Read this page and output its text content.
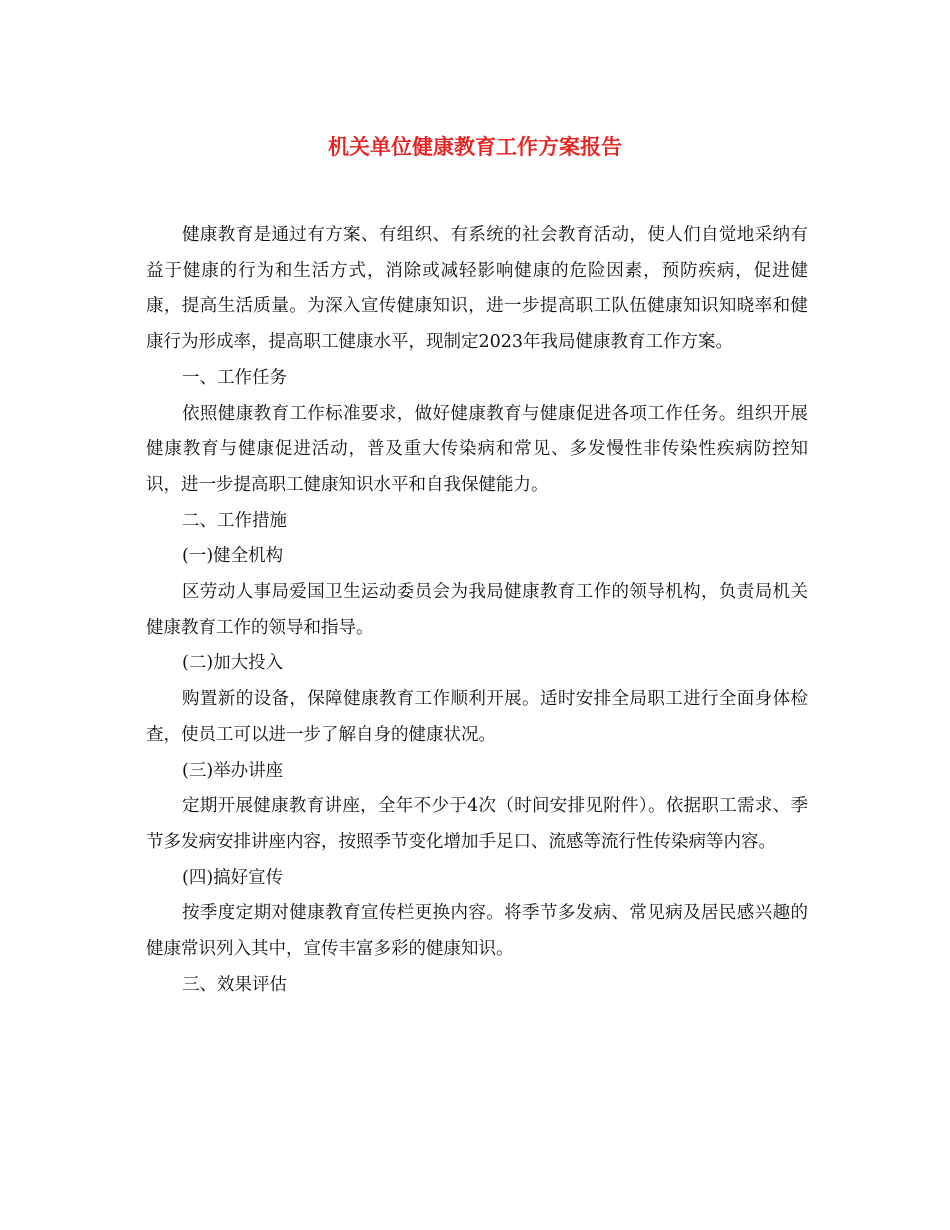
机关单位健康教育工作方案报告

健康教育是通过有方案、有组织、有系统的社会教育活动，使人们自觉地采纳有益于健康的行为和生活方式，消除或减轻影响健康的危险因素，预防疾病，促进健康，提高生活质量。为深入宣传健康知识，进一步提高职工队伍健康知识知晓率和健康行为形成率，提高职工健康水平，现制定2023年我局健康教育工作方案。

一、工作任务

依照健康教育工作标准要求，做好健康教育与健康促进各项工作任务。组织开展健康教育与健康促进活动，普及重大传染病和常见、多发慢性非传染性疾病防控知识，进一步提高职工健康知识水平和自我保健能力。

二、工作措施

(一)健全机构

区劳动人事局爱国卫生运动委员会为我局健康教育工作的领导机构，负责局机关健康教育工作的领导和指导。

(二)加大投入

购置新的设备，保障健康教育工作顺利开展。适时安排全局职工进行全面身体检查，使员工可以进一步了解自身的健康状况。

(三)举办讲座

定期开展健康教育讲座，全年不少于4次（时间安排见附件）。依据职工需求、季节多发病安排讲座内容，按照季节变化增加手足口、流感等流行性传染病等内容。

(四)搞好宣传

按季度定期对健康教育宣传栏更换内容。将季节多发病、常见病及居民感兴趣的健康常识列入其中，宣传丰富多彩的健康知识。

三、效果评估
